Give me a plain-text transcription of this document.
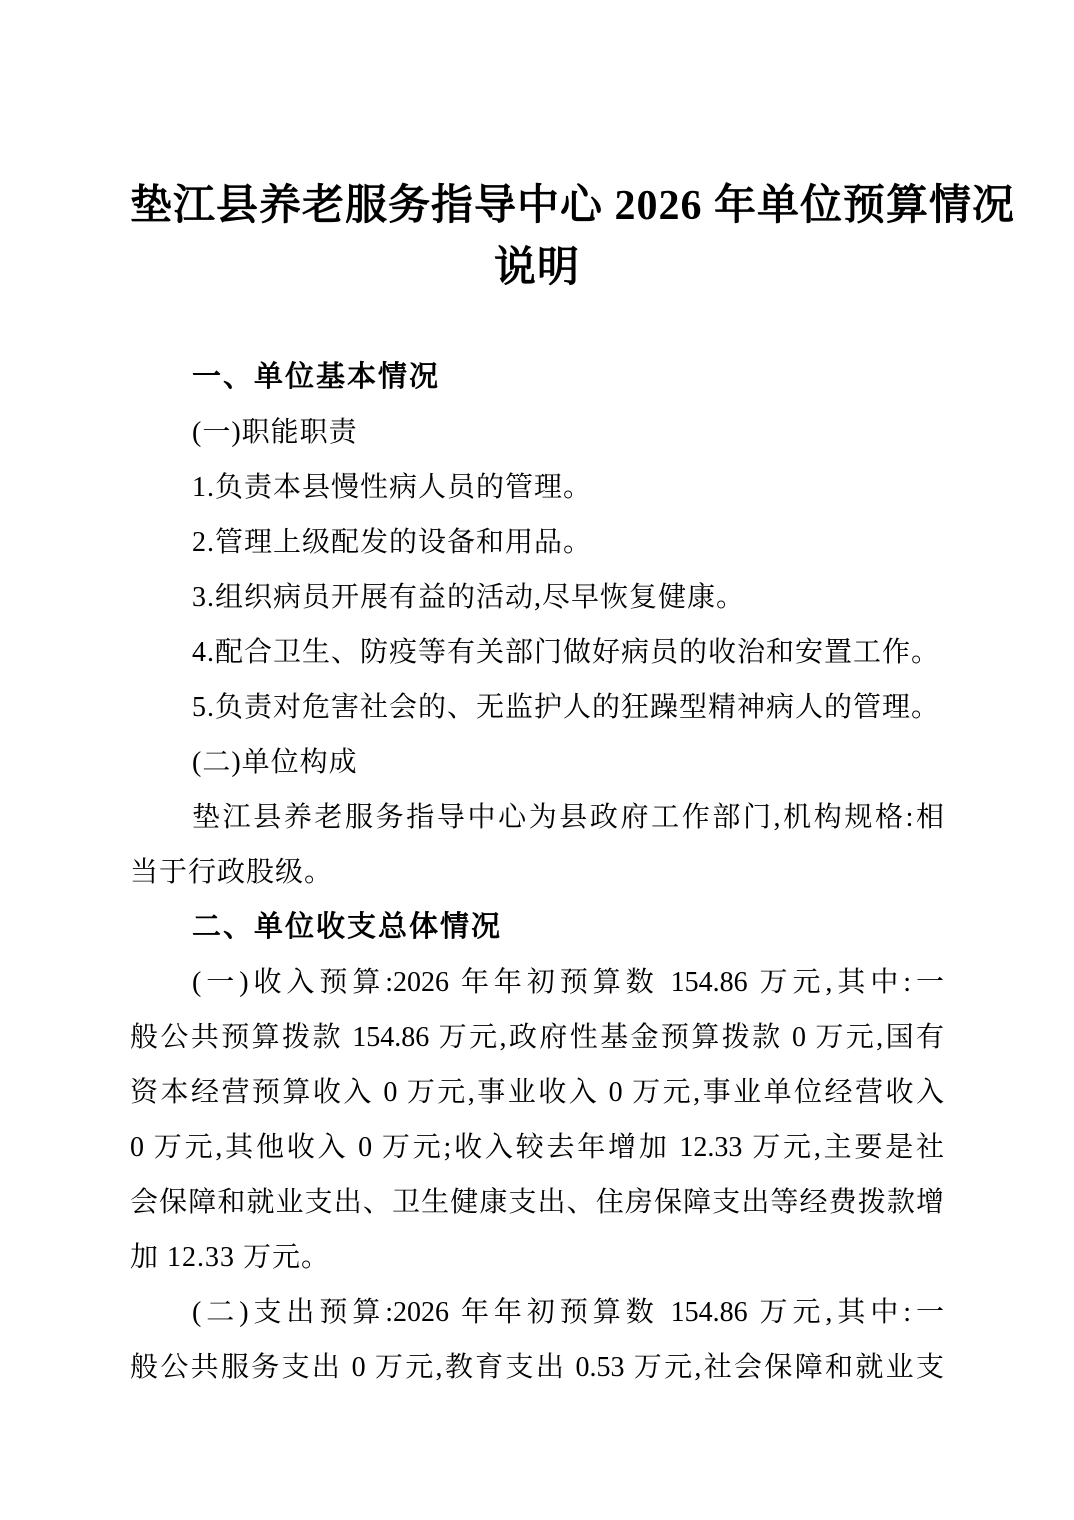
垫江县养老服务指导中心 2026 年单位预算情况
说明
一、单位基本情况
(一)职能职责
1.负责本县慢性病人员的管理。
2.管理上级配发的设备和用品。
3.组织病员开展有益的活动,尽早恢复健康。
4.配合卫生、防疫等有关部门做好病员的收治和安置工作。
5.负责对危害社会的、无监护人的狂躁型精神病人的管理。
(二)单位构成
垫江县养老服务指导中心为县政府工作部门,机构规格:相
当于行政股级。
二、单位收支总体情况
(一)收入预算:2026 年年初预算数 154.86 万元,其中:一
般公共预算拨款 154.86 万元,政府性基金预算拨款 0 万元,国有
资本经营预算收入 0 万元,事业收入 0 万元,事业单位经营收入
0 万元,其他收入 0 万元;收入较去年增加 12.33 万元,主要是社
会保障和就业支出、卫生健康支出、住房保障支出等经费拨款增
加 12.33 万元。
(二)支出预算:2026 年年初预算数 154.86 万元,其中:一
般公共服务支出 0 万元,教育支出 0.53 万元,社会保障和就业支
